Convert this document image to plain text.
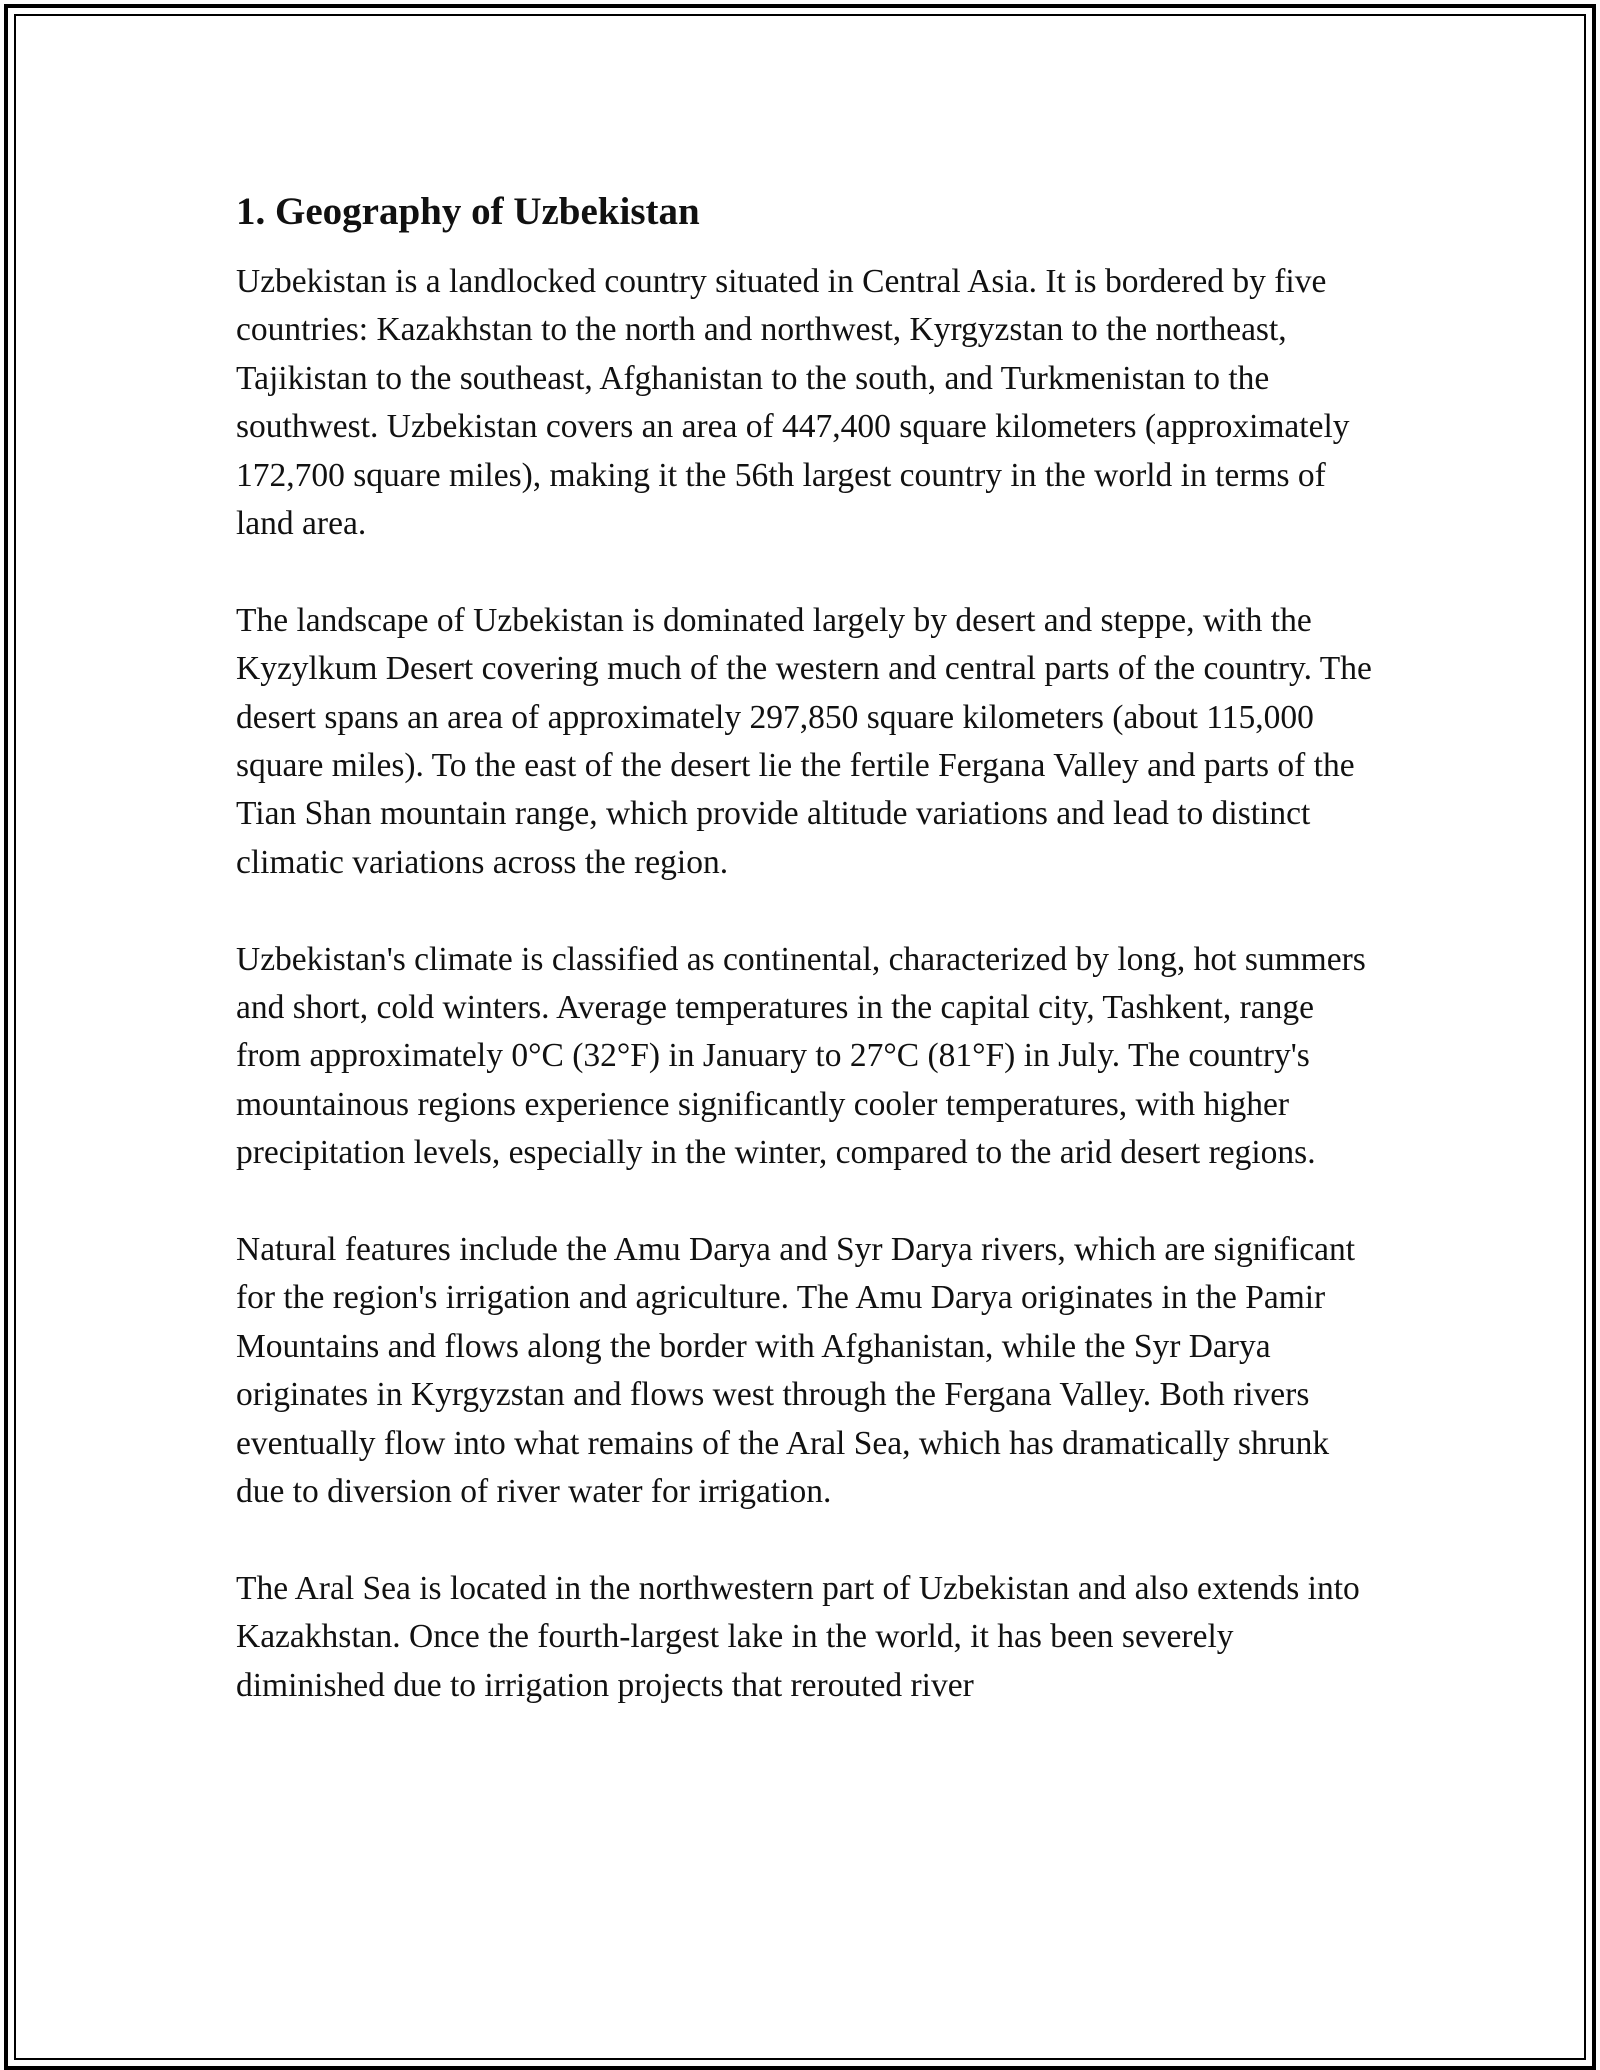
1. Geography of Uzbekistan

Uzbekistan is a landlocked country situated in Central Asia. It is bordered by five countries: Kazakhstan to the north and northwest, Kyrgyzstan to the northeast, Tajikistan to the southeast, Afghanistan to the south, and Turkmenistan to the southwest. Uzbekistan covers an area of 447,400 square kilometers (approximately 172,700 square miles), making it the 56th largest country in the world in terms of land area.

The landscape of Uzbekistan is dominated largely by desert and steppe, with the Kyzylkum Desert covering much of the western and central parts of the country. The desert spans an area of approximately 297,850 square kilometers (about 115,000 square miles). To the east of the desert lie the fertile Fergana Valley and parts of the Tian Shan mountain range, which provide altitude variations and lead to distinct climatic variations across the region.

Uzbekistan's climate is classified as continental, characterized by long, hot summers and short, cold winters. Average temperatures in the capital city, Tashkent, range from approximately 0°C (32°F) in January to 27°C (81°F) in July. The country's mountainous regions experience significantly cooler temperatures, with higher precipitation levels, especially in the winter, compared to the arid desert regions.

Natural features include the Amu Darya and Syr Darya rivers, which are significant for the region's irrigation and agriculture. The Amu Darya originates in the Pamir Mountains and flows along the border with Afghanistan, while the Syr Darya originates in Kyrgyzstan and flows west through the Fergana Valley. Both rivers eventually flow into what remains of the Aral Sea, which has dramatically shrunk due to diversion of river water for irrigation.

The Aral Sea is located in the northwestern part of Uzbekistan and also extends into Kazakhstan. Once the fourth-largest lake in the world, it has been severely diminished due to irrigation projects that rerouted river
